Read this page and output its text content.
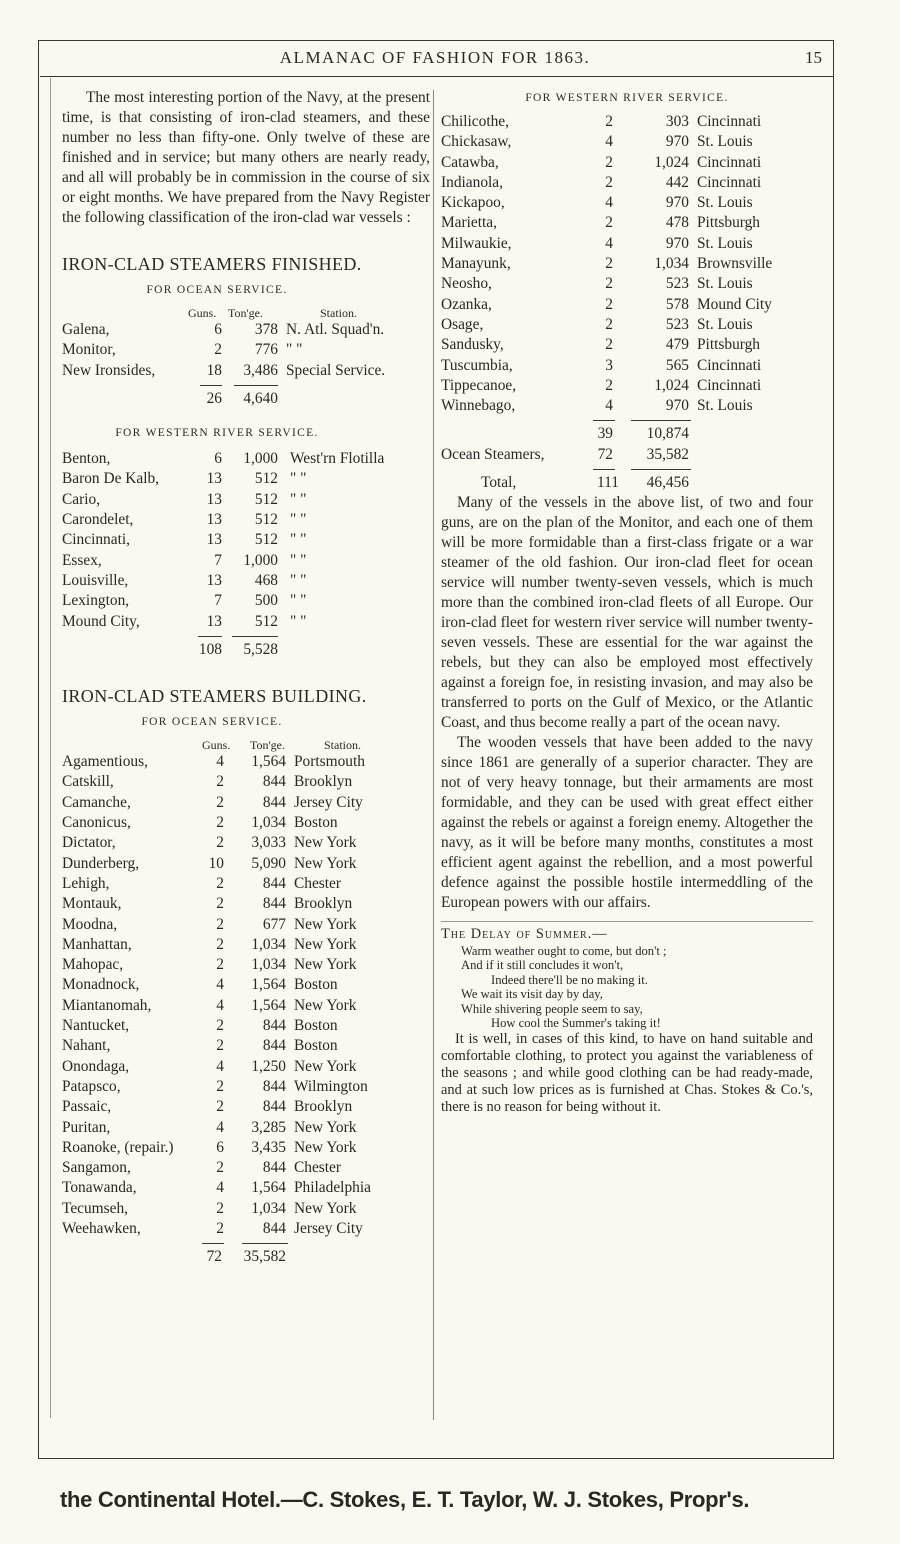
ALMANAC OF FASHION FOR 1863.	15
The most interesting portion of the Navy, at the present time, is that consisting of iron-clad steamers, and these number no less than fifty-one. Only twelve of these are finished and in service; but many others are nearly ready, and all will probably be in commission in the course of six or eight months. We have prepared from the Navy Register the following classification of the iron-clad war vessels :
IRON-CLAD STEAMERS FINISHED.
FOR OCEAN SERVICE.
Guns. Ton'ge.	Station.
Galena,	6	378 N. Atl. Squad'n.
Monitor,	2	776 " "
New Ironsides,	18	3,486 Special Service.
26	4,640
FOR WESTERN RIVER SERVICE.
Benton,	6	1,000 West'rn Flotilla
Baron De Kalb,	13	512 " "
Cario,	13	512 " "
Carondelet,	13	512 " "
Cincinnati,	13	512 " "
Essex,	7	1,000 " "
Louisville,	13	468 " "
Lexington,	7	500 " "
Mound City,	13	512 " "
108	5,528
IRON-CLAD STEAMERS BUILDING.
FOR OCEAN SERVICE.
Guns. Ton'ge.	Station.
Agamentious,	4	1,564 Portsmouth
Catskill,	2	844 Brooklyn
Camanche,	2	844 Jersey City
Canonicus,	2	1,034 Boston
Dictator,	2	3,033 New York
Dunderberg,	10	5,090 New York
Lehigh,	2	844 Chester
Montauk,	2	844 Brooklyn
Moodna,	2	677 New York
Manhattan,	2	1,034 New York
Mahopac,	2	1,034 New York
Monadnock,	4	1,564 Boston
Miantanomah,	4	1,564 New York
Nantucket,	2	844 Boston
Nahant,	2	844 Boston
Onondaga,	4	1,250 New York
Patapsco,	2	844 Wilmington
Passaic,	2	844 Brooklyn
Puritan,	4	3,285 New York
Roanoke, (repair.)	6	3,435 New York
Sangamon,	2	844 Chester
Tonawanda,	4	1,564 Philadelphia
Tecumseh,	2	1,034 New York
Weehawken,	2	844 Jersey City
72	35,582
FOR WESTERN RIVER SERVICE.
Chilicothe,	2	303 Cincinnati
Chickasaw,	4	970 St. Louis
Catawba,	2	1,024 Cincinnati
Indianola,	2	442 Cincinnati
Kickapoo,	4	970 St. Louis
Marietta,	2	478 Pittsburgh
Milwaukie,	4	970 St. Louis
Manayunk,	2	1,034 Brownsville
Neosho,	2	523 St. Louis
Ozanka,	2	578 Mound City
Osage,	2	523 St. Louis
Sandusky,	2	479 Pittsburgh
Tuscumbia,	3	565 Cincinnati
Tippecanoe,	2	1,024 Cincinnati
Winnebago,	4	970 St. Louis
39	10,874
Ocean Steamers,	72	35,582
Total,	111	46,456
Many of the vessels in the above list, of two and four guns, are on the plan of the Monitor, and each one of them will be more formidable than a first-class frigate or a war steamer of the old fashion. Our iron-clad fleet for ocean service will number twenty-seven vessels, which is much more than the combined iron-clad fleets of all Europe. Our iron-clad fleet for western river service will number twenty-seven vessels. These are essential for the war against the rebels, but they can also be employed most effectively against a foreign foe, in resisting invasion, and may also be transferred to ports on the Gulf of Mexico, or the Atlantic Coast, and thus become really a part of the ocean navy.
The wooden vessels that have been added to the navy since 1861 are generally of a superior character. They are not of very heavy tonnage, but their armaments are most formidable, and they can be used with great effect either against the rebels or against a foreign enemy. Altogether the navy, as it will be before many months, constitutes a most efficient agent against the rebellion, and a most powerful defence against the possible hostile intermeddling of the European powers with our affairs.
The Delay of Summer.—
Warm weather ought to come, but don't ;
And if it still concludes it won't,
Indeed there'll be no making it.
We wait its visit day by day,
While shivering people seem to say,
How cool the Summer's taking it!
It is well, in cases of this kind, to have on hand suitable and comfortable clothing, to protect you against the variableness of the seasons ; and while good clothing can be had ready-made, and at such low prices as is furnished at Chas. Stokes & Co.'s, there is no reason for being without it.
the Continental Hotel.—C. Stokes, E. T. Taylor, W. J. Stokes, Propr's.
